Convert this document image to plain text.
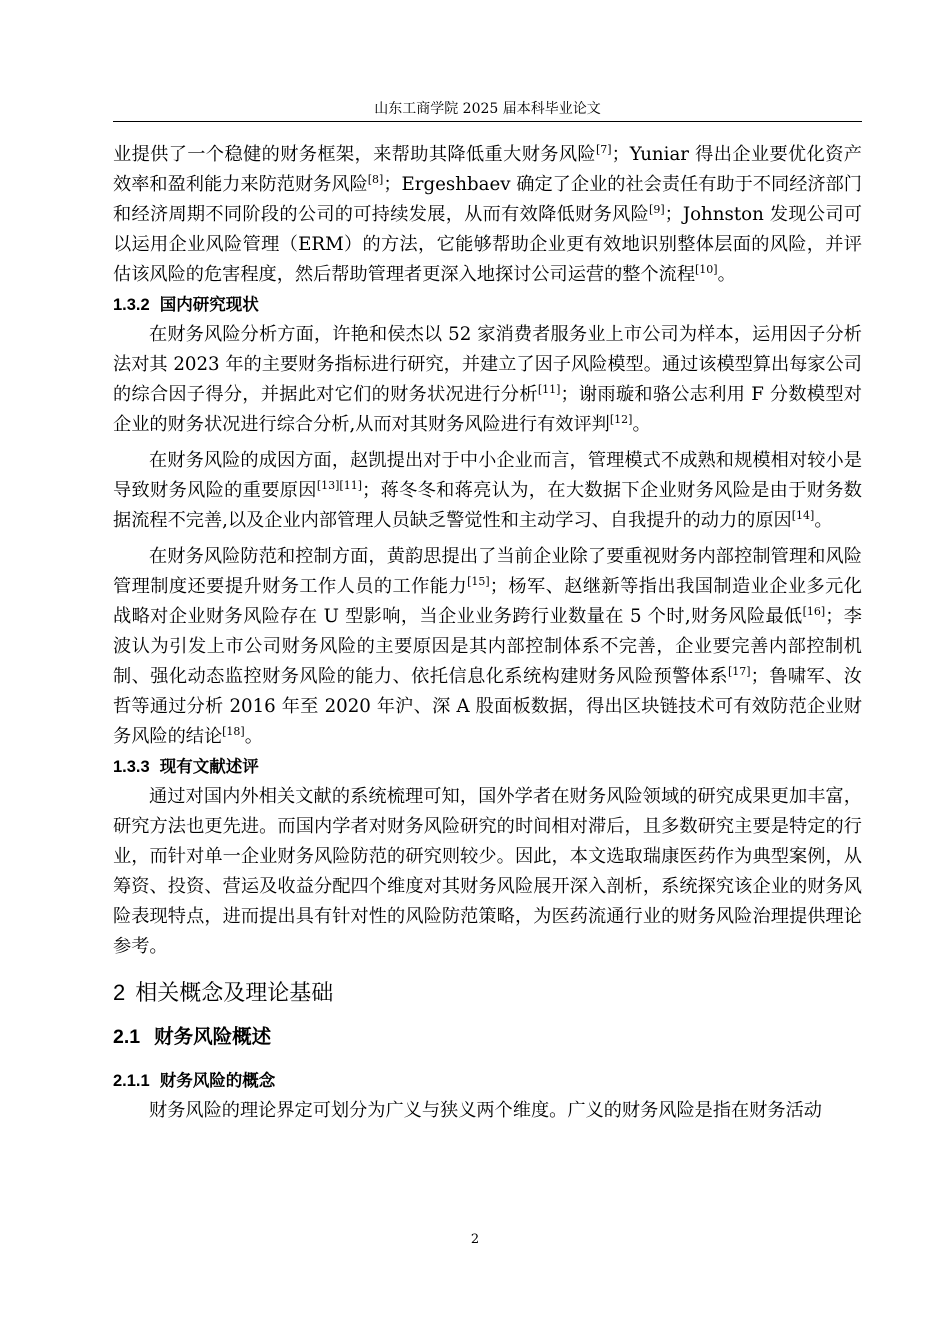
山东工商学院 2025 届本科毕业论文

业提供了一个稳健的财务框架，来帮助其降低重大财务风险[7]；Yuniar 得出企业要优化资产效率和盈利能力来防范财务风险[8]；Ergeshbaev 确定了企业的社会责任有助于不同经济部门和经济周期不同阶段的公司的可持续发展，从而有效降低财务风险[9]；Johnston 发现公司可以运用企业风险管理（ERM）的方法，它能够帮助企业更有效地识别整体层面的风险，并评估该风险的危害程度，然后帮助管理者更深入地探讨公司运营的整个流程[10]。

1.3.2 国内研究现状

在财务风险分析方面，许艳和侯杰以 52 家消费者服务业上市公司为样本，运用因子分析法对其 2023 年的主要财务指标进行研究，并建立了因子风险模型。通过该模型算出每家公司的综合因子得分，并据此对它们的财务状况进行分析[11]；谢雨璇和骆公志利用 F 分数模型对企业的财务状况进行综合分析,从而对其财务风险进行有效评判[12]。

在财务风险的成因方面，赵凯提出对于中小企业而言，管理模式不成熟和规模相对较小是导致财务风险的重要原因[13][11]；蒋冬冬和蒋亮认为，在大数据下企业财务风险是由于财务数据流程不完善,以及企业内部管理人员缺乏警觉性和主动学习、自我提升的动力的原因[14]。

在财务风险防范和控制方面，黄韵思提出了当前企业除了要重视财务内部控制管理和风险管理制度还要提升财务工作人员的工作能力[15]；杨军、赵继新等指出我国制造业企业多元化战略对企业财务风险存在 U 型影响，当企业业务跨行业数量在 5 个时,财务风险最低[16]；李波认为引发上市公司财务风险的主要原因是其内部控制体系不完善，企业要完善内部控制机制、强化动态监控财务风险的能力、依托信息化系统构建财务风险预警体系[17]；鲁啸军、汝哲等通过分析 2016 年至 2020 年沪、深 A 股面板数据，得出区块链技术可有效防范企业财务风险的结论[18]。

1.3.3 现有文献述评

通过对国内外相关文献的系统梳理可知，国外学者在财务风险领域的研究成果更加丰富，研究方法也更先进。而国内学者对财务风险研究的时间相对滞后，且多数研究主要是特定的行业，而针对单一企业财务风险防范的研究则较少。因此，本文选取瑞康医药作为典型案例，从筹资、投资、营运及收益分配四个维度对其财务风险展开深入剖析，系统探究该企业的财务风险表现特点，进而提出具有针对性的风险防范策略，为医药流通行业的财务风险治理提供理论参考。

2 相关概念及理论基础

2.1 财务风险概述

2.1.1 财务风险的概念

财务风险的理论界定可划分为广义与狭义两个维度。广义的财务风险是指在财务活动

2
